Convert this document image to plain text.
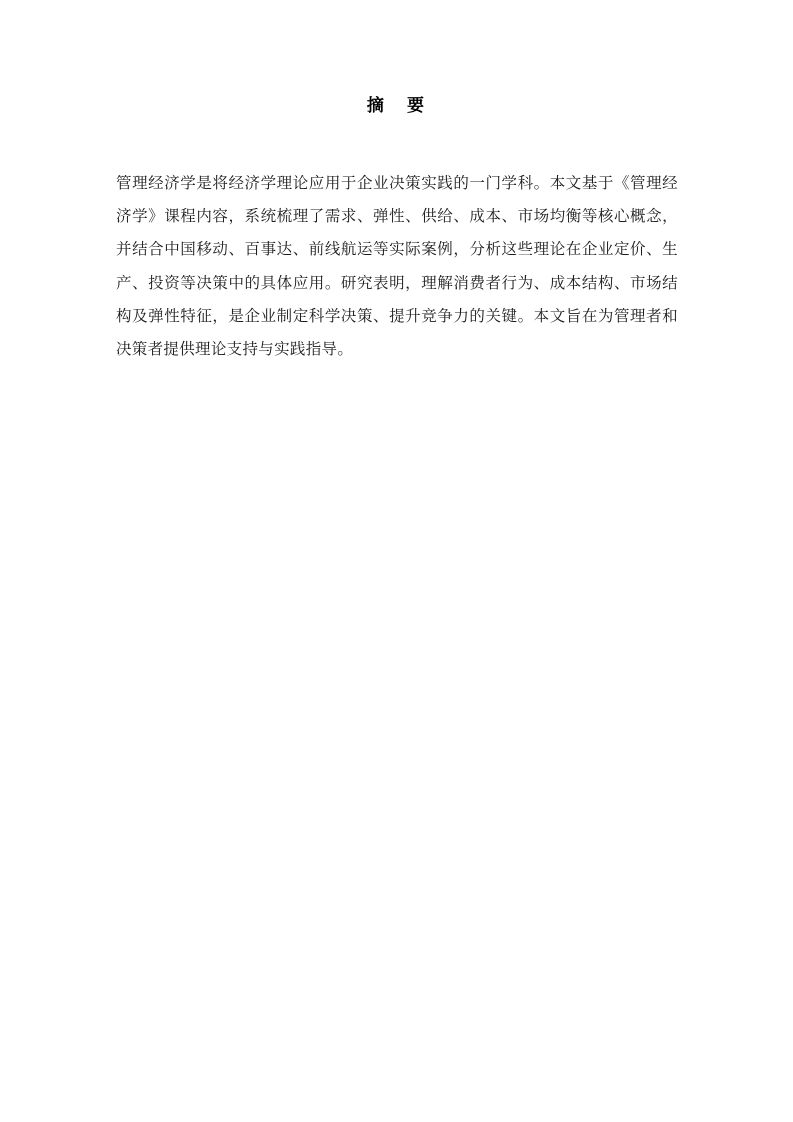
摘　要

管理经济学是将经济学理论应用于企业决策实践的一门学科。本文基于《管理经济学》课程内容，系统梳理了需求、弹性、供给、成本、市场均衡等核心概念，并结合中国移动、百事达、前线航运等实际案例，分析这些理论在企业定价、生产、投资等决策中的具体应用。研究表明，理解消费者行为、成本结构、市场结构及弹性特征，是企业制定科学决策、提升竞争力的关键。本文旨在为管理者和决策者提供理论支持与实践指导。
